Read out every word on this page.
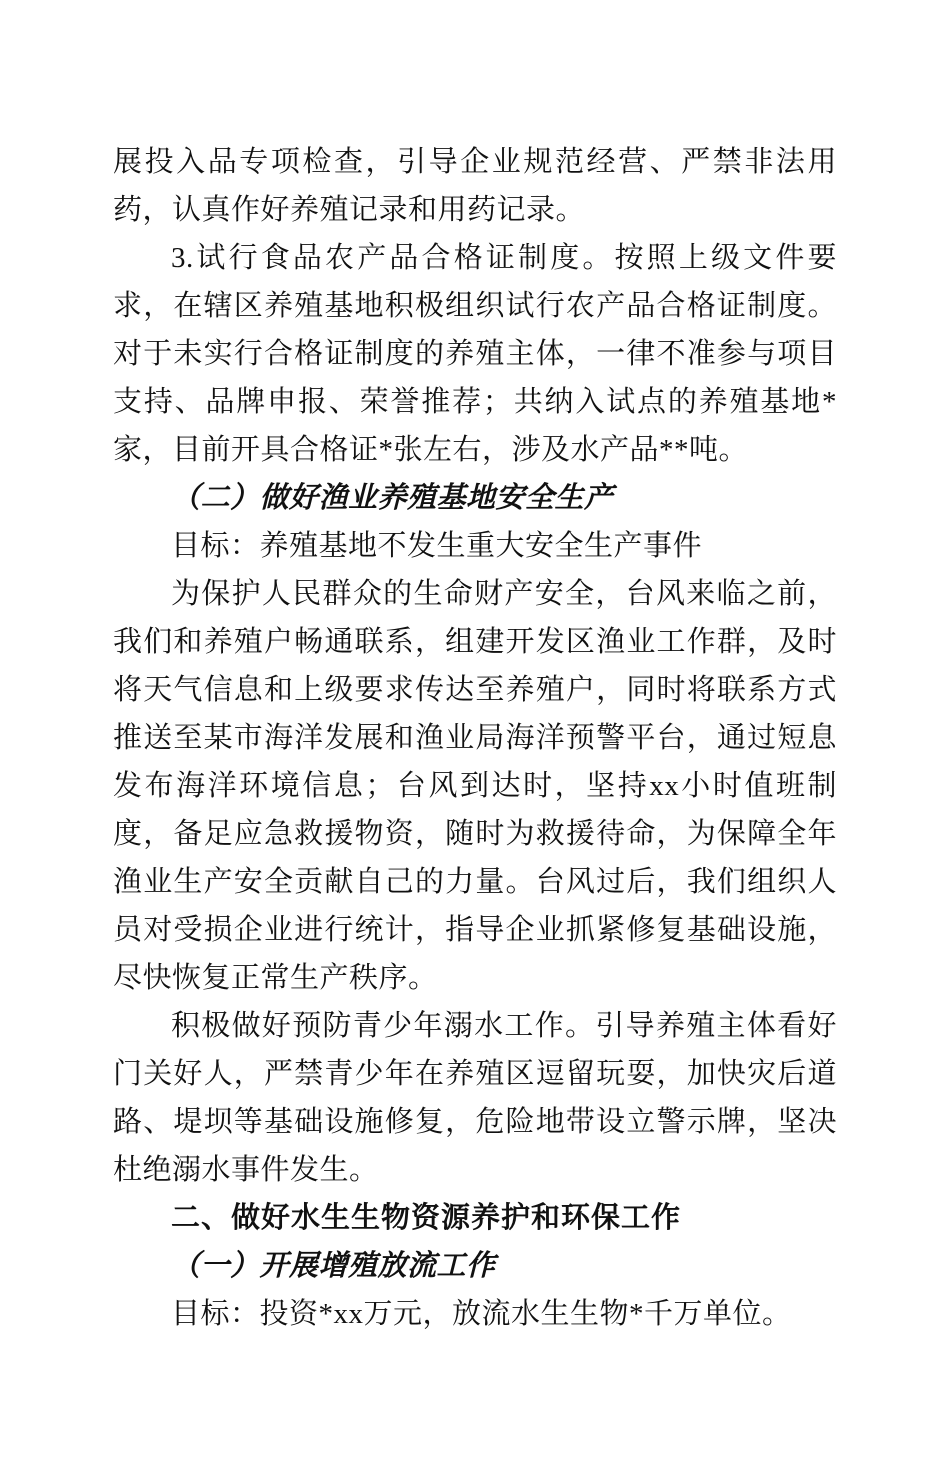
展投入品专项检查，引导企业规范经营、严禁非法用药，认真作好养殖记录和用药记录。

3.试行食品农产品合格证制度。按照上级文件要求，在辖区养殖基地积极组织试行农产品合格证制度。对于未实行合格证制度的养殖主体，一律不准参与项目支持、品牌申报、荣誉推荐；共纳入试点的养殖基地*家，目前开具合格证*张左右，涉及水产品**吨。

（二）做好渔业养殖基地安全生产

目标：养殖基地不发生重大安全生产事件

为保护人民群众的生命财产安全，台风来临之前，我们和养殖户畅通联系，组建开发区渔业工作群，及时将天气信息和上级要求传达至养殖户，同时将联系方式推送至某市海洋发展和渔业局海洋预警平台，通过短息发布海洋环境信息；台风到达时，坚持xx小时值班制度，备足应急救援物资，随时为救援待命，为保障全年渔业生产安全贡献自己的力量。台风过后，我们组织人员对受损企业进行统计，指导企业抓紧修复基础设施，尽快恢复正常生产秩序。

积极做好预防青少年溺水工作。引导养殖主体看好门关好人，严禁青少年在养殖区逗留玩耍，加快灾后道路、堤坝等基础设施修复，危险地带设立警示牌，坚决杜绝溺水事件发生。

二、做好水生生物资源养护和环保工作

（一）开展增殖放流工作

目标：投资*xx万元，放流水生生物*千万单位。
